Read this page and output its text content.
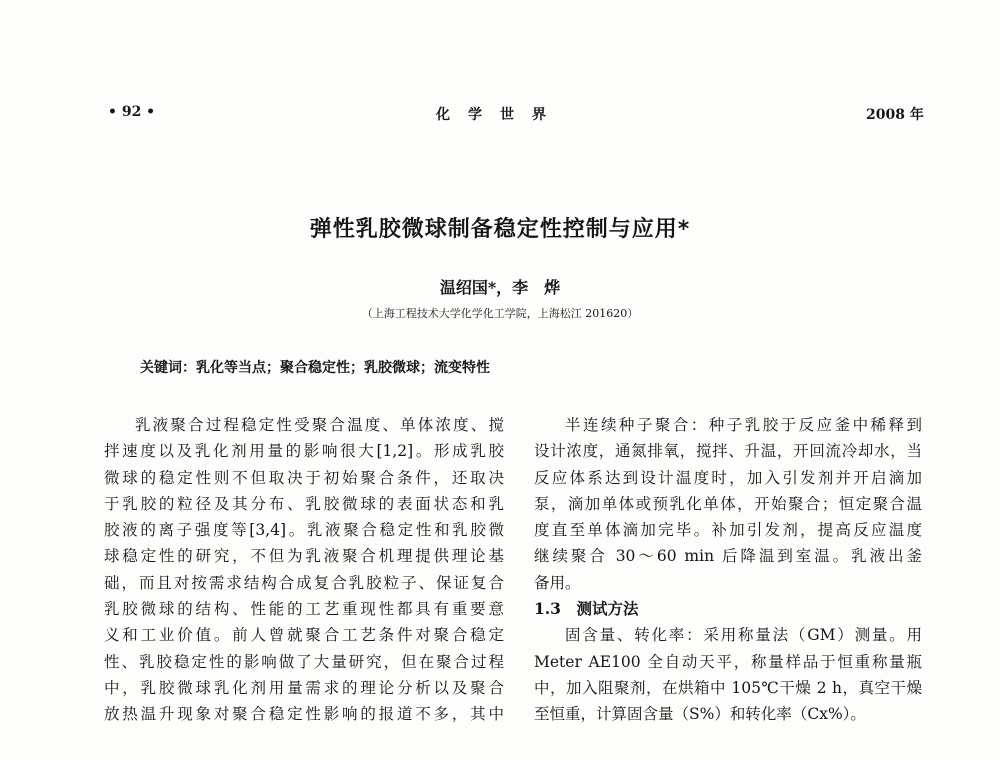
• 92 •	化学世界	2008 年
弹性乳胶微球制备稳定性控制与应用*
温绍国*，李　烨
（上海工程技术大学化学化工学院，上海松江 201620）
关键词：乳化等当点；聚合稳定性；乳胶微球；流变特性
乳液聚合过程稳定性受聚合温度、单体浓度、搅
拌速度以及乳化剂用量的影响很大[1,2]。形成乳胶
微球的稳定性则不但取决于初始聚合条件，还取决
于乳胶的粒径及其分布、乳胶微球的表面状态和乳
胶液的离子强度等[3,4]。乳液聚合稳定性和乳胶微
球稳定性的研究，不但为乳液聚合机理提供理论基
础，而且对按需求结构合成复合乳胶粒子、保证复合
乳胶微球的结构、性能的工艺重现性都具有重要意
义和工业价值。前人曾就聚合工艺条件对聚合稳定
性、乳胶稳定性的影响做了大量研究，但在聚合过程
中，乳胶微球乳化剂用量需求的理论分析以及聚合
放热温升现象对聚合稳定性影响的报道不多，其中
半连续种子聚合：种子乳胶于反应釜中稀释到
设计浓度，通氮排氧，搅拌、升温，开回流冷却水，当
反应体系达到设计温度时，加入引发剂并开启滴加
泵，滴加单体或预乳化单体，开始聚合；恒定聚合温
度直至单体滴加完毕。补加引发剂，提高反应温度
继续聚合 30～60 min 后降温到室温。乳液出釜
备用。
1.3　测试方法
固含量、转化率：采用称量法（GM）测量。用
Meter AE100 全自动天平，称量样品于恒重称量瓶
中，加入阻聚剂，在烘箱中 105℃干燥 2 h，真空干燥
至恒重，计算固含量（S%）和转化率（Cx%）。
